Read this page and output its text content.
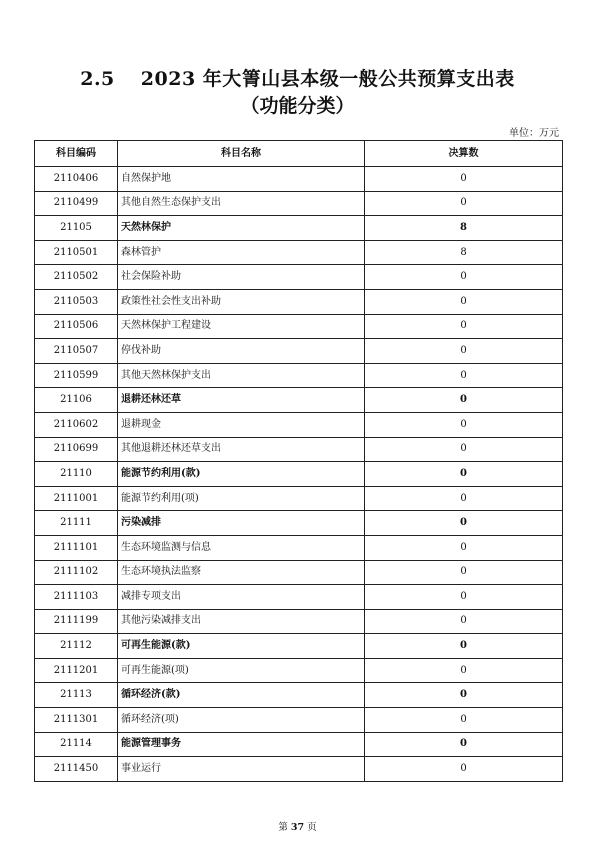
2.5 2023 年大箐山县本级一般公共预算支出表
（功能分类）
单位：万元
科目编码	科目名称	决算数
2110406	自然保护地	0
2110499	其他自然生态保护支出	0
21105	天然林保护	8
2110501	森林管护	8
2110502	社会保险补助	0
2110503	政策性社会性支出补助	0
2110506	天然林保护工程建设	0
2110507	停伐补助	0
2110599	其他天然林保护支出	0
21106	退耕还林还草	0
2110602	退耕现金	0
2110699	其他退耕还林还草支出	0
21110	能源节约利用(款)	0
2111001	能源节约利用(项)	0
21111	污染减排	0
2111101	生态环境监测与信息	0
2111102	生态环境执法监察	0
2111103	减排专项支出	0
2111199	其他污染减排支出	0
21112	可再生能源(款)	0
2111201	可再生能源(项)	0
21113	循环经济(款)	0
2111301	循环经济(项)	0
21114	能源管理事务	0
2111450	事业运行	0
第 37 页
